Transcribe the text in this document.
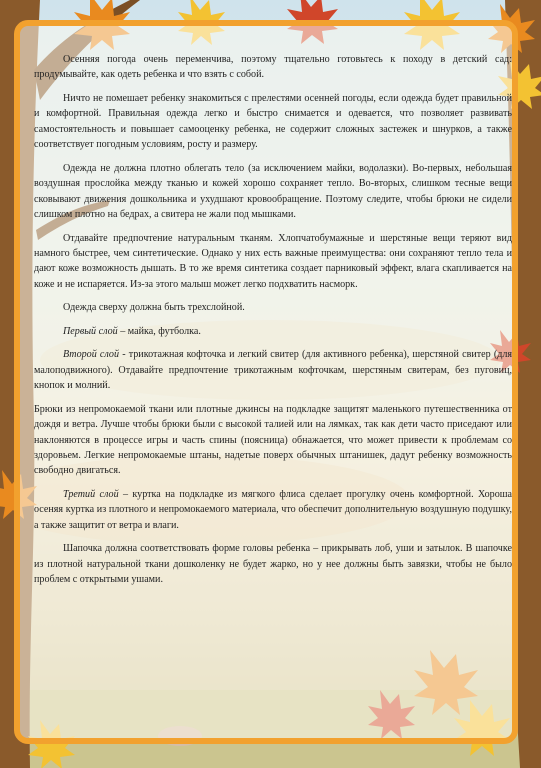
Осенняя погода очень переменчива, поэтому тщательно готовьтесь к походу в детский сад: продумывайте, как одеть ребенка и что взять с собой.

Ничто не помешает ребенку знакомиться с прелестями осенней погоды, если одежда будет правильной и комфортной. Правильная одежда легко и быстро снимается и одевается, что позволяет развивать самостоятельность и повышает самооценку ребенка, не содержит сложных застежек и шнурков, а также соответствует погодным условиям, росту и размеру.

Одежда не должна плотно облегать тело (за исключением майки, водолазки). Во-первых, небольшая воздушная прослойка между тканью и кожей хорошо сохраняет тепло. Во-вторых, слишком тесные вещи сковывают движения дошкольника и ухудшают кровообращение. Поэтому следите, чтобы брюки не сидели слишком плотно на бедрах, а свитера не жали под мышками.

Отдавайте предпочтение натуральным тканям. Хлопчатобумажные и шерстяные вещи теряют вид намного быстрее, чем синтетические. Однако у них есть важные преимущества: они сохраняют тепло тела и дают коже возможность дышать. В то же время синтетика создает парниковый эффект, влага скапливается на коже и не испаряется. Из-за этого малыш может легко подхватить насморк.

Одежда сверху должна быть трехслойной.

Первый слой – майка, футболка.

Второй слой - трикотажная кофточка и легкий свитер (для активного ребенка), шерстяной свитер (для малоподвижного). Отдавайте предпочтение трикотажным кофточкам, шерстяным свитерам, без пуговиц, кнопок и молний.

Брюки из непромокаемой ткани или плотные джинсы на подкладке защитят маленького путешественника от дождя и ветра. Лучше чтобы брюки были с высокой талией или на лямках, так как дети часто приседают или наклоняются в процессе игры и часть спины (поясница) обнажается, что может привести к проблемам со здоровьем. Легкие непромокаемые штаны, надетые поверх обычных штанишек, дадут ребенку возможность свободно двигаться.

Третий слой – куртка на подкладке из мягкого флиса сделает прогулку очень комфортной. Хороша осеняя куртка из плотного и непромокаемого материала, что обеспечит дополнительную воздушную подушку, а также защитит от ветра и влаги.

Шапочка должна соответствовать форме головы ребенка – прикрывать лоб, уши и затылок. В шапочке из плотной натуральной ткани дошколенку не будет жарко, но у нее должны быть завязки, чтобы не было проблем с открытыми ушами.
